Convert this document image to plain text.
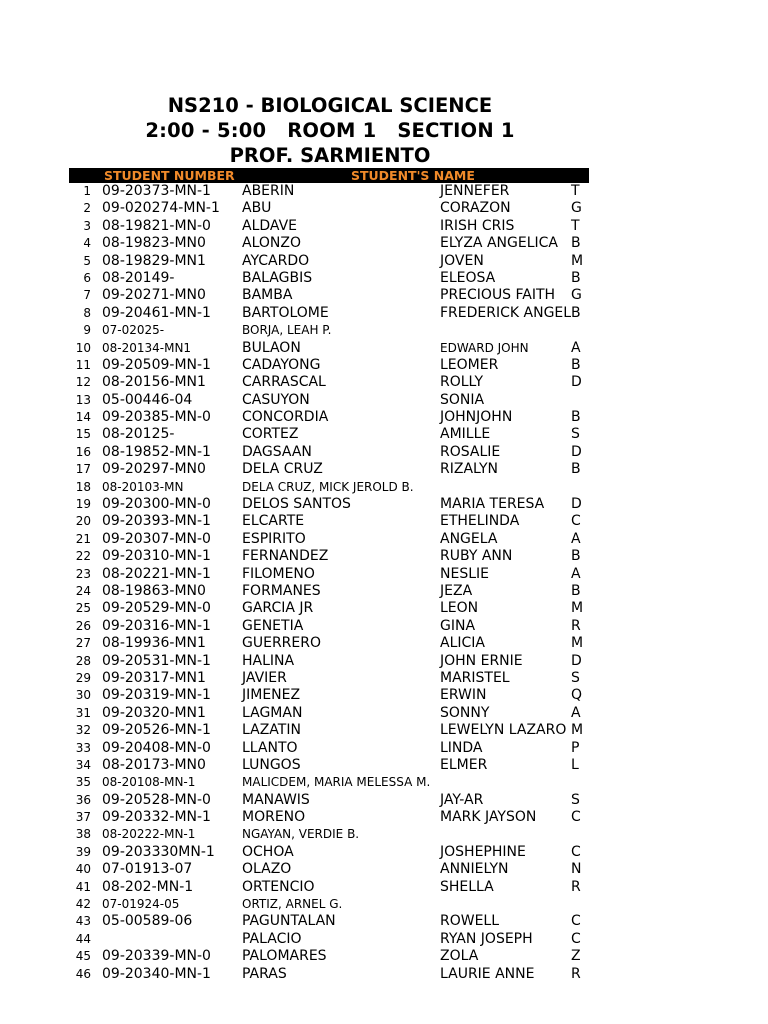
NS210 - BIOLOGICAL SCIENCE
2:00 - 5:00   ROOM 1   SECTION 1
PROF. SARMIENTO
STUDENT NUMBER	STUDENT'S NAME
1 09-20373-MN-1 ABERIN	JENNEFER	T
2 09-020274-MN-1 ABU	CORAZON	G
3 08-19821-MN-0 ALDAVE	IRISH CRIS	T
4 08-19823-MN0	ALONZO	ELYZA ANGELICA B
5 08-19829-MN1	AYCARDO	JOVEN	M
6 08-20149-	BALAGBIS	ELEOSA	B
7 09-20271-MN0	BAMBA	PRECIOUS FAITH G
8 09-20461-MN-1 BARTOLOME	FREDERICK ANGEL B
9 07-02025-	BORJA, LEAH P.
10 08-20134-MN1	BULAON	EDWARD JOHN	A
11 09-20509-MN-1 CADAYONG	LEOMER	B
12 08-20156-MN1	CARRASCAL	ROLLY	D
13 05-00446-04	CASUYON	SONIA
14 09-20385-MN-0 CONCORDIA	JOHNJOHN	B
15 08-20125-	CORTEZ	AMILLE	S
16 08-19852-MN-1 DAGSAAN	ROSALIE	D
17 09-20297-MN0	DELA CRUZ	RIZALYN	B
18 08-20103-MN	DELA CRUZ, MICK JEROLD B.
19 09-20300-MN-0 DELOS SANTOS	MARIA TERESA D
20 09-20393-MN-1 ELCARTE	ETHELINDA	C
21 09-20307-MN-0 ESPIRITO	ANGELA	A
22 09-20310-MN-1 FERNANDEZ	RUBY ANN	B
23 08-20221-MN-1 FILOMENO	NESLIE	A
24 08-19863-MN0	FORMANES	JEZA	B
25 09-20529-MN-0 GARCIA JR	LEON	M
26 09-20316-MN-1 GENETIA	GINA	R
27 08-19936-MN1	GUERRERO	ALICIA	M
28 09-20531-MN-1 HALINA	JOHN ERNIE	D
29 09-20317-MN1	JAVIER	MARISTEL	S
30 09-20319-MN-1 JIMENEZ	ERWIN	Q
31 09-20320-MN1	LAGMAN	SONNY	A
32 09-20526-MN-1 LAZATIN	LEWELYN LAZARO M
33 09-20408-MN-0 LLANTO	LINDA	P
34 08-20173-MN0	LUNGOS	ELMER	L
35 08-20108-MN-1	MALICDEM, MARIA MELESSA M.
36 09-20528-MN-0 MANAWIS	JAY-AR	S
37 09-20332-MN-1 MORENO	MARK JAYSON C
38 08-20222-MN-1	NGAYAN, VERDIE B.
39 09-203330MN-1 OCHOA	JOSHEPHINE	C
40 07-01913-07	OLAZO	ANNIELYN	N
41 08-202-MN-1	ORTENCIO	SHELLA	R
42 07-01924-05	ORTIZ, ARNEL G.
43 05-00589-06	PAGUNTALAN	ROWELL	C
44	PALACIO	RYAN JOSEPH	C
45 09-20339-MN-0 PALOMARES	ZOLA	Z
46 09-20340-MN-1 PARAS	LAURIE ANNE	R
